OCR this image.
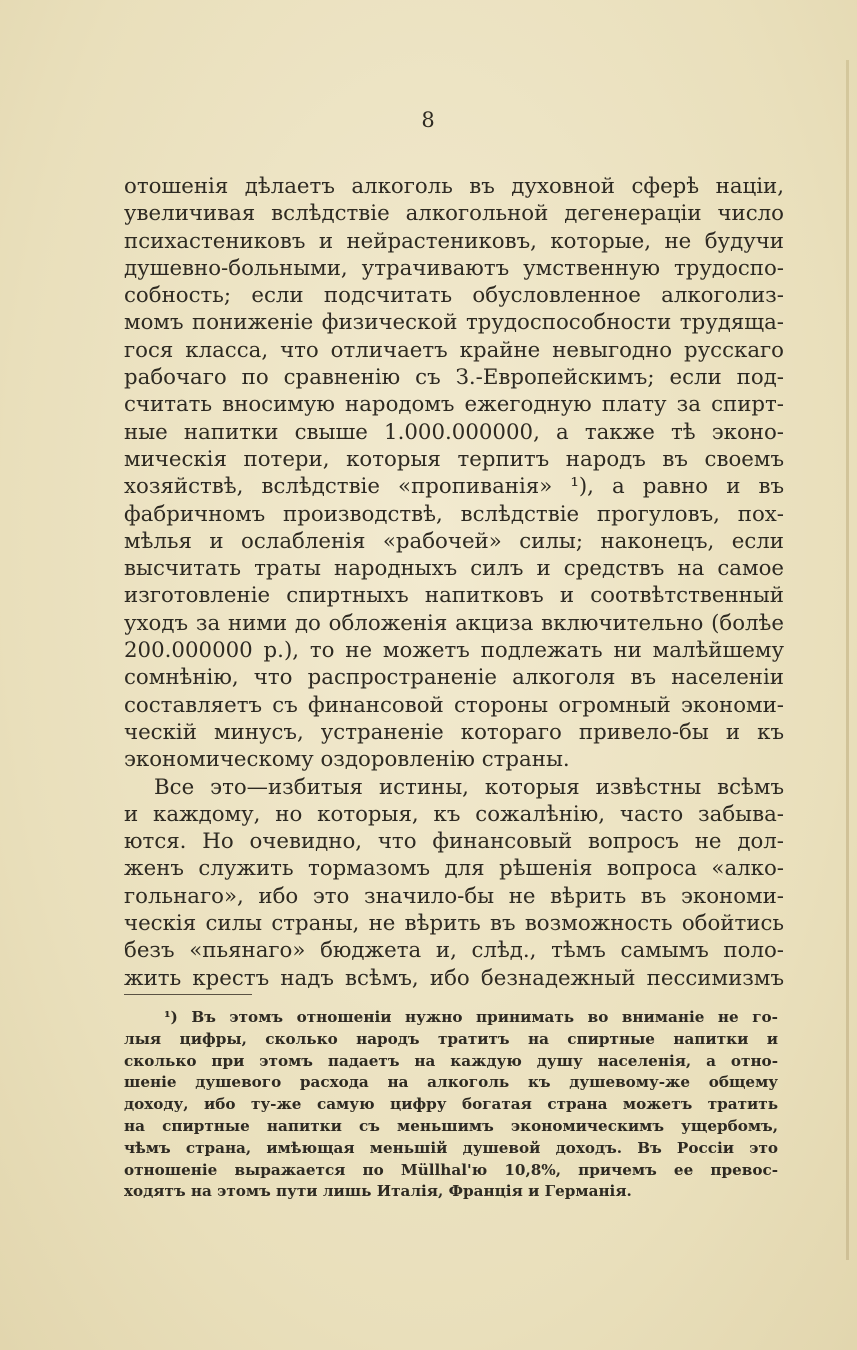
8
отошенія дѣлаетъ алкоголь въ духовной сферѣ націи,
увеличивая вслѣдствіе алкогольной дегенераціи число
психастениковъ и нейрастениковъ, которые, не будучи
душевно-больными, утрачиваютъ умственную трудоспо-
собность; если подсчитать обусловленное алкоголиз-
момъ пониженіе физической трудоспособности трудяща-
гося класса, что отличаетъ крайне невыгодно русскаго
рабочаго по сравненію съ З.-Европейскимъ; если под-
считать вносимую народомъ ежегодную плату за спирт-
ные напитки свыше 1.000.000000, а также тѣ эконо-
мическія потери, которыя терпитъ народъ въ своемъ
хозяйствѣ, вслѣдствіе «пропиванія» ¹), а равно и въ
фабричномъ производствѣ, вслѣдствіе прогуловъ, пох-
мѣлья и ослабленія «рабочей» силы; наконецъ, если
высчитать траты народныхъ силъ и средствъ на самое
изготовленіе спиртныхъ напитковъ и соотвѣтственный
уходъ за ними до обложенія акциза включительно (болѣе
200.000000 р.), то не можетъ подлежать ни малѣйшему
сомнѣнію, что распространеніе алкоголя въ населеніи
составляетъ съ финансовой стороны огромный экономи-
ческій минусъ, устраненіе котораго привело-бы и къ
экономическому оздоровленію страны.
Все это—избитыя истины, которыя извѣстны всѣмъ
и каждому, но которыя, къ сожалѣнію, часто забыва-
ются. Но очевидно, что финансовый вопросъ не дол-
женъ служить тормазомъ для рѣшенія вопроса «алко-
гольнаго», ибо это значило-бы не вѣрить въ экономи-
ческія силы страны, не вѣрить въ возможность обойтись
безъ «пьянаго» бюджета и, слѣд., тѣмъ самымъ поло-
жить крестъ надъ всѣмъ, ибо безнадежный пессимизмъ
¹) Въ этомъ отношеніи нужно принимать во вниманіе не го-
лыя цифры, сколько народъ тратитъ на спиртные напитки и
сколько при этомъ падаетъ на каждую душу населенія, а отно-
шеніе душевого расхода на алкоголь къ душевому-же общему
доходу, ибо ту-же самую цифру богатая страна можетъ тратить
на спиртные напитки съ меньшимъ экономическимъ ущербомъ,
чѣмъ страна, имѣющая меньшій душевой доходъ. Въ Россіи это
отношеніе выражается по Müllhal'ю 10,8%, причемъ ее превос-
ходятъ на этомъ пути лишь Италія, Франція и Германія.
